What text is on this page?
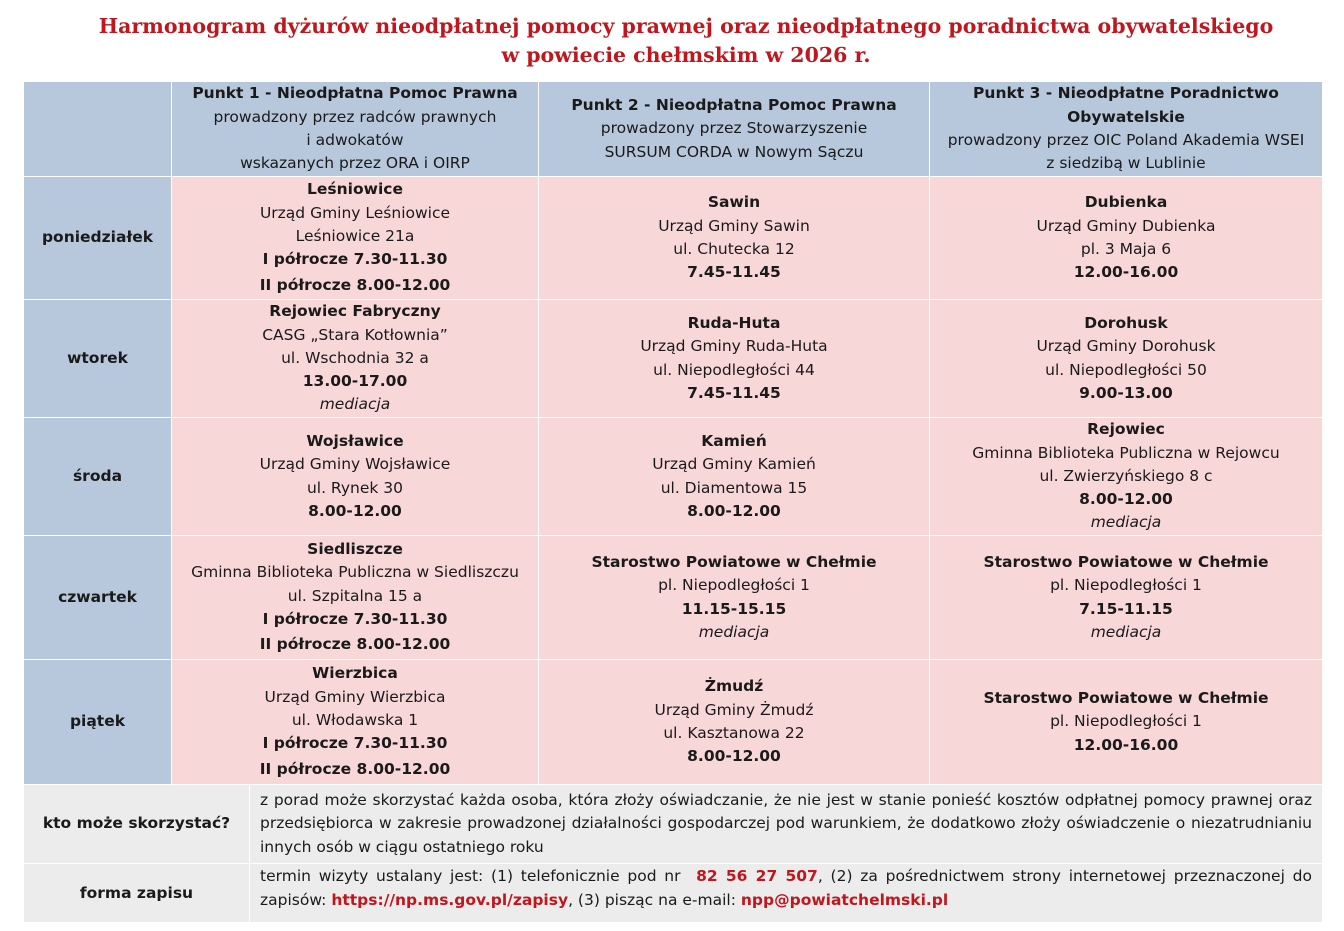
Harmonogram dyżurów nieodpłatnej pomocy prawnej oraz nieodpłatnego poradnictwa obywatelskiego
w powiecie chełmskim w 2026 r.

	Punkt 1 - Nieodpłatna Pomoc Prawna
prowadzony przez radców prawnych
i adwokatów
wskazanych przez ORA i OIRP	Punkt 2 - Nieodpłatna Pomoc Prawna
prowadzony przez Stowarzyszenie
SURSUM CORDA w Nowym Sączu	Punkt 3 - Nieodpłatne Poradnictwo
Obywatelskie
prowadzony przez OIC Poland Akademia WSEI
z siedzibą w Lublinie

poniedziałek	Leśniowice
Urząd Gminy Leśniowice
Leśniowice 21a
I półrocze 7.30-11.30
II półrocze 8.00-12.00	Sawin
Urząd Gminy Sawin
ul. Chutecka 12
7.45-11.45	Dubienka
Urząd Gminy Dubienka
pl. 3 Maja 6
12.00-16.00

wtorek	Rejowiec Fabryczny
CASG „Stara Kotłownia”
ul. Wschodnia 32 a
13.00-17.00
mediacja	Ruda-Huta
Urząd Gminy Ruda-Huta
ul. Niepodległości 44
7.45-11.45	Dorohusk
Urząd Gminy Dorohusk
ul. Niepodległości 50
9.00-13.00

środa	Wojsławice
Urząd Gminy Wojsławice
ul. Rynek 30
8.00-12.00	Kamień
Urząd Gminy Kamień
ul. Diamentowa 15
8.00-12.00	Rejowiec
Gminna Biblioteka Publiczna w Rejowcu
ul. Zwierzyńskiego 8 c
8.00-12.00
mediacja

czwartek	Siedliszcze
Gminna Biblioteka Publiczna w Siedliszczu
ul. Szpitalna 15 a
I półrocze 7.30-11.30
II półrocze 8.00-12.00	Starostwo Powiatowe w Chełmie
pl. Niepodległości 1
11.15-15.15
mediacja	Starostwo Powiatowe w Chełmie
pl. Niepodległości 1
7.15-11.15
mediacja

piątek	Wierzbica
Urząd Gminy Wierzbica
ul. Włodawska 1
I półrocze 7.30-11.30
II półrocze 8.00-12.00	Żmudź
Urząd Gminy Żmudź
ul. Kasztanowa 22
8.00-12.00	Starostwo Powiatowe w Chełmie
pl. Niepodległości 1
12.00-16.00
kto może skorzystać?	z porad może skorzystać każda osoba, która złoży oświadczanie, że nie jest w stanie ponieść kosztów odpłatnej pomocy prawnej oraz przedsiębiorca w zakresie prowadzonej działalności gospodarczej pod warunkiem, że dodatkowo złoży oświadczenie o niezatrudnianiu innych osób w ciągu ostatniego roku
forma zapisu	termin wizyty ustalany jest: (1) telefonicznie pod nr 82 56 27 507, (2) za pośrednictwem strony internetowej przeznaczonej do zapisów: https://np.ms.gov.pl/zapisy, (3) pisząc na e-mail: npp@powiatchelmski.pl
